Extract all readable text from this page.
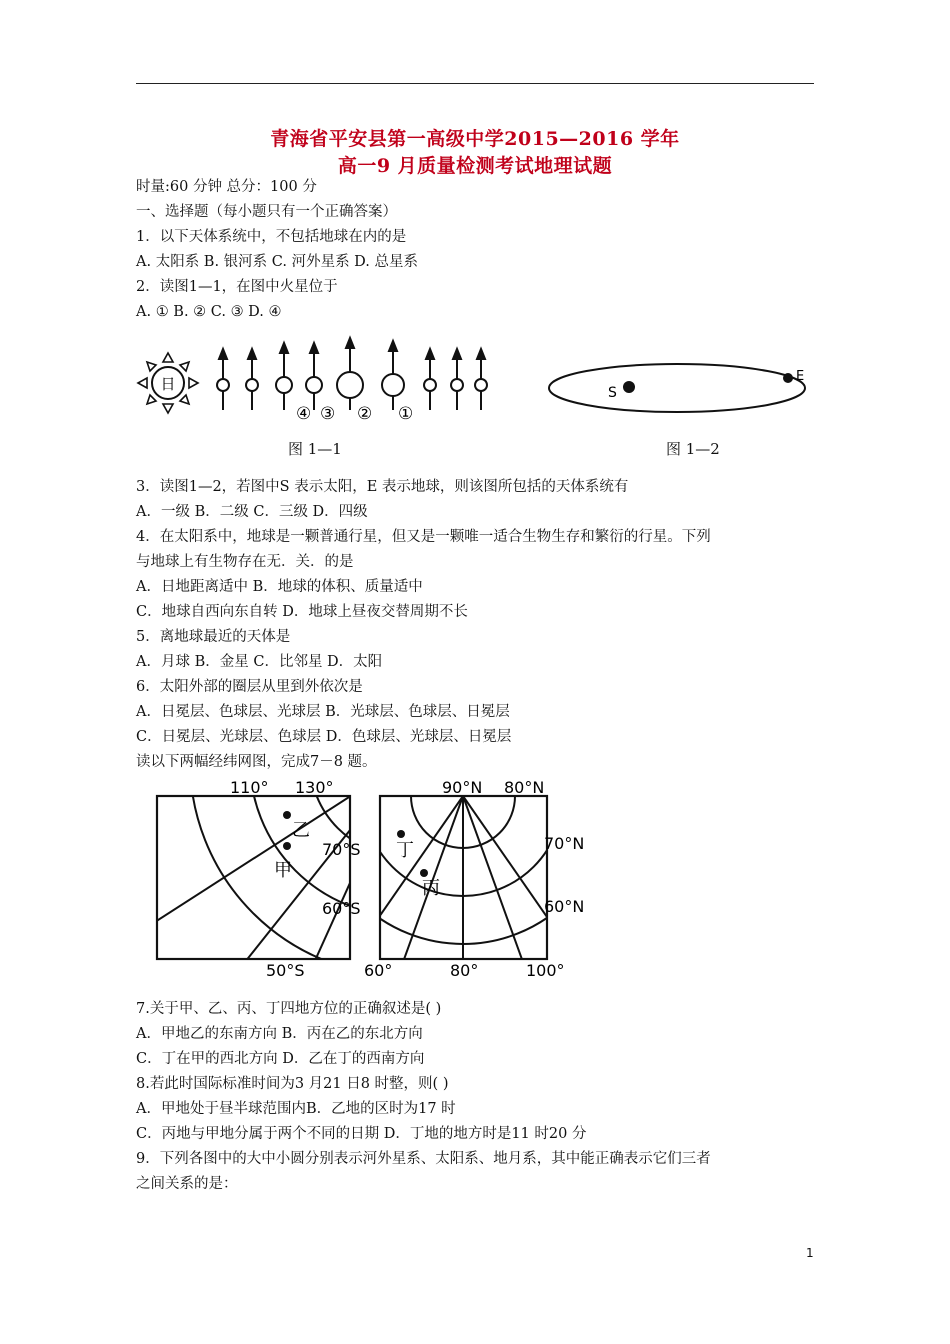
青海省平安县第一高级中学2015—2016 学年
高一9 月质量检测考试地理试题
时量:60 分钟 总分：100 分
一、选择题（每小题只有一个正确答案）
1．以下天体系统中，不包括地球在内的是
A. 太阳系 B. 银河系 C. 河外星系 D. 总星系
2．读图1—1，在图中火星位于
A. ① B. ② C. ③ D. ④
日
④ ③ ② ①
图 1—1
S
E
图 1—2
3．读图1—2，若图中S 表示太阳，E 表示地球，则该图所包括的天体系统有
A．一级 B．二级 C．三级 D．四级
4．在太阳系中，地球是一颗普通行星，但又是一颗唯一适合生物生存和繁衍的行星。下列
与地球上有生物存在无．关．的是
A．日地距离适中 B．地球的体积、质量适中
C．地球自西向东自转 D．地球上昼夜交替周期不长
5．离地球最近的天体是
A．月球 B．金星 C．比邻星 D．太阳
6．太阳外部的圈层从里到外依次是
A．日冕层、色球层、光球层 B．光球层、色球层、日冕层
C．日冕层、光球层、色球层 D．色球层、光球层、日冕层
读以下两幅经纬网图，完成7－8 题。
110° 130°
乙
70°S
甲
60°S
50°S
90°N 80°N
丁	70°N
丙
60°N
60°	80°	100°
7.关于甲、乙、丙、丁四地方位的正确叙述是( )
A．甲地乙的东南方向 B．丙在乙的东北方向
C．丁在甲的西北方向 D．乙在丁的西南方向
8.若此时国际标准时间为3 月21 日8 时整，则( )
A．甲地处于昼半球范围内B．乙地的区时为17 时
C．丙地与甲地分属于两个不同的日期 D．丁地的地方时是11 时20 分
9．下列各图中的大中小圆分别表示河外星系、太阳系、地月系，其中能正确表示它们三者
之间关系的是：
1
